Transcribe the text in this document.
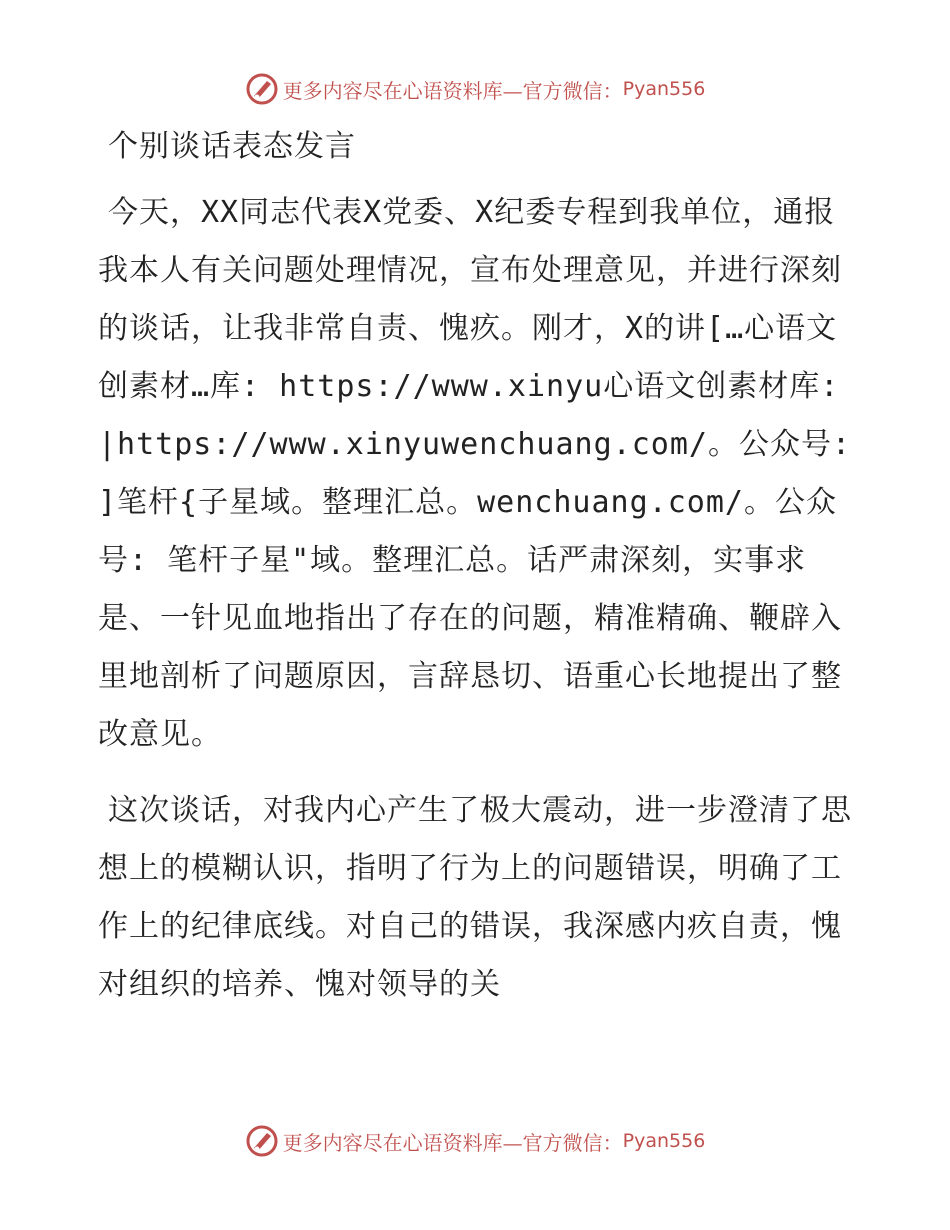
更多内容尽在心语资料库—官方微信： Pyan556
个别谈话表态发言

今天，XX同志代表X党委、X纪委专程到我单位，通报我本人有关问题处理情况，宣布处理意见，并进行深刻的谈话，让我非常自责、愧疚。刚才，X的讲[…心语文创素材…库: https://www.xinyu心语文创素材库: |https://www.xinyuwenchuang.com/。公众号: ]笔杆{子星域。整理汇总。wenchuang.com/。公众号: 笔杆子星"域。整理汇总。话严肃深刻，实事求是、一针见血地指出了存在的问题，精准精确、鞭辟入里地剖析了问题原因，言辞恳切、语重心长地提出了整改意见。

这次谈话，对我内心产生了极大震动，进一步澄清了思想上的模糊认识，指明了行为上的问题错误，明确了工作上的纪律底线。对自己的错误，我深感内疚自责，愧对组织的培养、愧对领导的关

更多内容尽在心语资料库—官方微信： Pyan556
